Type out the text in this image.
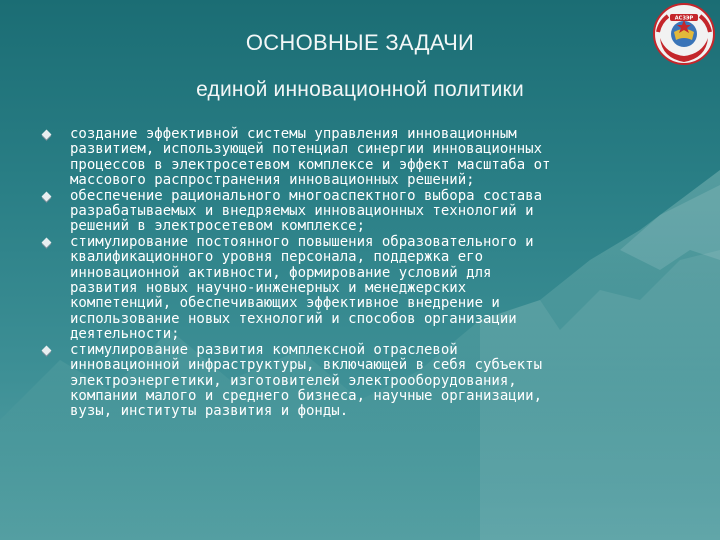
АСЗЭР
ОСНОВНЫЕ ЗАДАЧИ
единой инновационной политики
создание эффективной системы управления инновационным
развитием, использующей потенциал синергии инновационных
процессов в электросетевом комплексе и эффект масштаба от
массового распространения инновационных решений;
обеспечение рационального многоаспектного выбора состава
разрабатываемых и внедряемых инновационных технологий и
решений в электросетевом комплексе;
стимулирование постоянного повышения образовательного и
квалификационного уровня персонала, поддержка его
инновационной активности, формирование условий для
развития новых научно-инженерных и менеджерских
компетенций, обеспечивающих эффективное внедрение и
использование новых технологий и способов организации
деятельности;
стимулирование развития комплексной отраслевой
инновационной инфраструктуры, включающей в себя субъекты
электроэнергетики, изготовителей электрооборудования,
компании малого и среднего бизнеса, научные организации,
вузы, институты развития и фонды.
